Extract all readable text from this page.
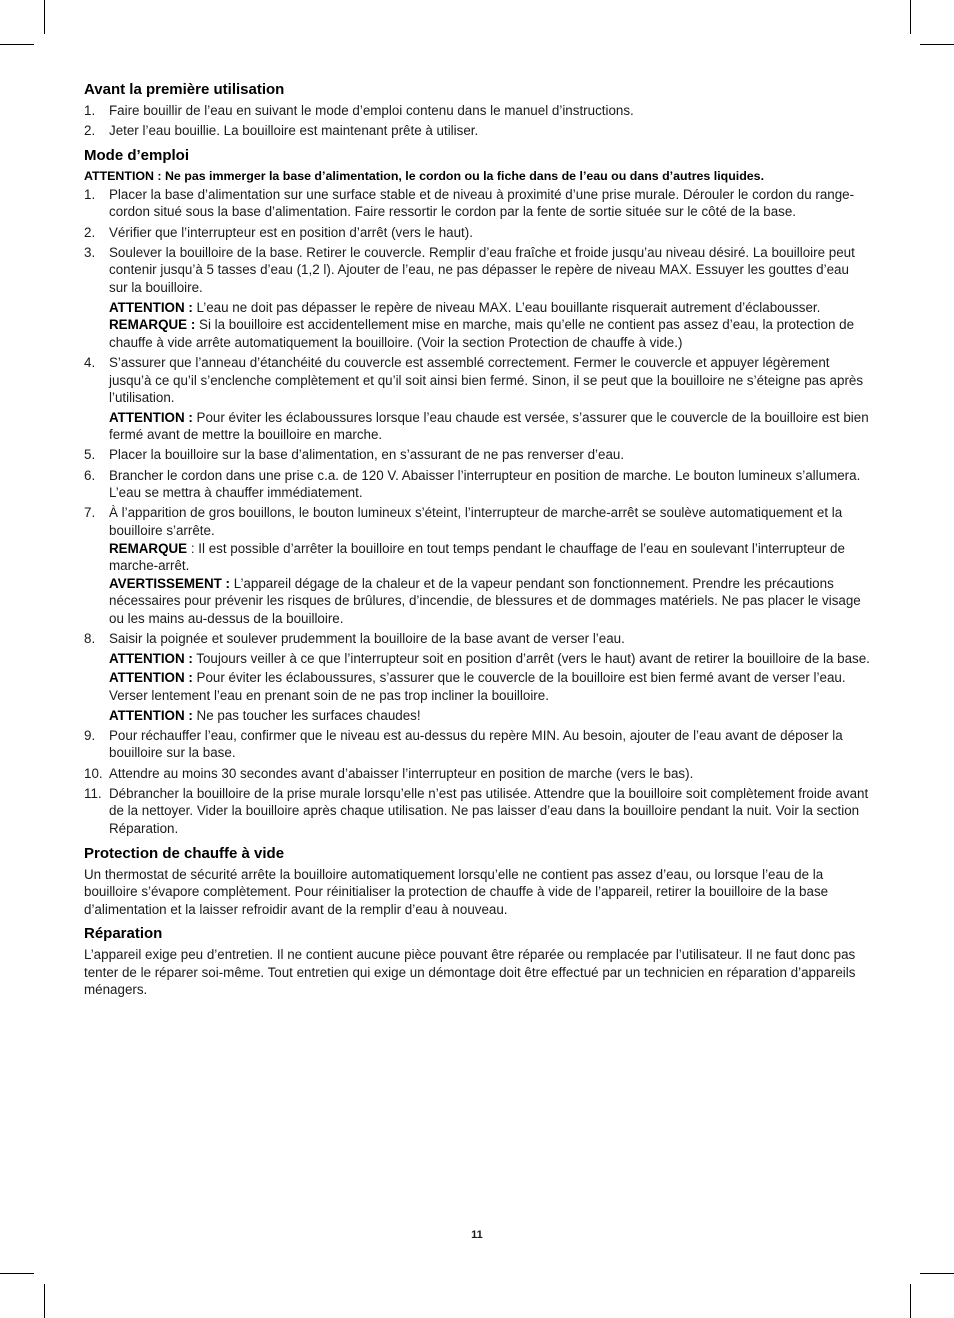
Avant la première utilisation
1. Faire bouillir de l’eau en suivant le mode d’emploi contenu dans le manuel d’instructions.
2. Jeter l’eau bouillie. La bouilloire est maintenant prête à utiliser.
Mode d’emploi

ATTENTION : Ne pas immerger la base d’alimentation, le cordon ou la fiche dans de l’eau ou dans d’autres liquides.

1. Placer la base d’alimentation sur une surface stable et de niveau à proximité d’une prise murale. Dérouler le cordon du range-cordon situé sous la base d’alimentation. Faire ressortir le cordon par la fente de sortie située sur le côté de la base.
2. Vérifier que l’interrupteur est en position d’arrêt (vers le haut).
3. Soulever la bouilloire de la base. Retirer le couvercle. Remplir d’eau fraîche et froide jusqu’au niveau désiré. La bouilloire peut contenir jusqu’à 5 tasses d’eau (1,2 l). Ajouter de l’eau, ne pas dépasser le repère de niveau MAX. Essuyer les gouttes d’eau sur la bouilloire.

ATTENTION : L’eau ne doit pas dépasser le repère de niveau MAX. L’eau bouillante risquerait autrement d’éclabousser.

REMARQUE : Si la bouilloire est accidentellement mise en marche, mais qu’elle ne contient pas assez d’eau, la protection de chauffe à vide arrête automatiquement la bouilloire. (Voir la section Protection de chauffe à vide.)

4. S’assurer que l’anneau d’étanchéité du couvercle est assemblé correctement. Fermer le couvercle et appuyer légèrement jusqu’à ce qu’il s’enclenche complètement et qu’il soit ainsi bien fermé. Sinon, il se peut que la bouilloire ne s’éteigne pas après l’utilisation.

ATTENTION : Pour éviter les éclaboussures lorsque l’eau chaude est versée, s’assurer que le couvercle de la bouilloire est bien fermé avant de mettre la bouilloire en marche.

5. Placer la bouilloire sur la base d’alimentation, en s’assurant de ne pas renverser d’eau.
6. Brancher le cordon dans une prise c.a. de 120 V. Abaisser l’interrupteur en position de marche. Le bouton lumineux s’allumera. L’eau se mettra à chauffer immédiatement.
7. À l’apparition de gros bouillons, le bouton lumineux s’éteint, l’interrupteur de marche-arrêt se soulève automatiquement et la bouilloire s’arrête.

REMARQUE : Il est possible d’arrêter la bouilloire en tout temps pendant le chauffage de l’eau en soulevant l’interrupteur de marche-arrêt.

AVERTISSEMENT : L’appareil dégage de la chaleur et de la vapeur pendant son fonctionnement. Prendre les précautions nécessaires pour prévenir les risques de brûlures, d’incendie, de blessures et de dommages matériels. Ne pas placer le visage ou les mains au-dessus de la bouilloire.

8. Saisir la poignée et soulever prudemment la bouilloire de la base avant de verser l’eau.

ATTENTION : Toujours veiller à ce que l’interrupteur soit en position d’arrêt (vers le haut) avant de retirer la bouilloire de la base.

ATTENTION : Pour éviter les éclaboussures, s’assurer que le couvercle de la bouilloire est bien fermé avant de verser l’eau. Verser lentement l’eau en prenant soin de ne pas trop incliner la bouilloire.

ATTENTION : Ne pas toucher les surfaces chaudes!

9. Pour réchauffer l’eau, confirmer que le niveau est au-dessus du repère MIN. Au besoin, ajouter de l’eau avant de déposer la bouilloire sur la base.
10. Attendre au moins 30 secondes avant d’abaisser l’interrupteur en position de marche (vers le bas).
11. Débrancher la bouilloire de la prise murale lorsqu’elle n’est pas utilisée. Attendre que la bouilloire soit complètement froide avant de la nettoyer. Vider la bouilloire après chaque utilisation. Ne pas laisser d’eau dans la bouilloire pendant la nuit. Voir la section Réparation.
Protection de chauffe à vide

Un thermostat de sécurité arrête la bouilloire automatiquement lorsqu’elle ne contient pas assez d’eau, ou lorsque l’eau de la bouilloire s’évapore complètement. Pour réinitialiser la protection de chauffe à vide de l’appareil, retirer la bouilloire de la base d’alimentation et la laisser refroidir avant de la remplir d’eau à nouveau.

Réparation

L’appareil exige peu d’entretien. Il ne contient aucune pièce pouvant être réparée ou remplacée par l’utilisateur. Il ne faut donc pas tenter de le réparer soi-même. Tout entretien qui exige un démontage doit être effectué par un technicien en réparation d’appareils ménagers.

11
